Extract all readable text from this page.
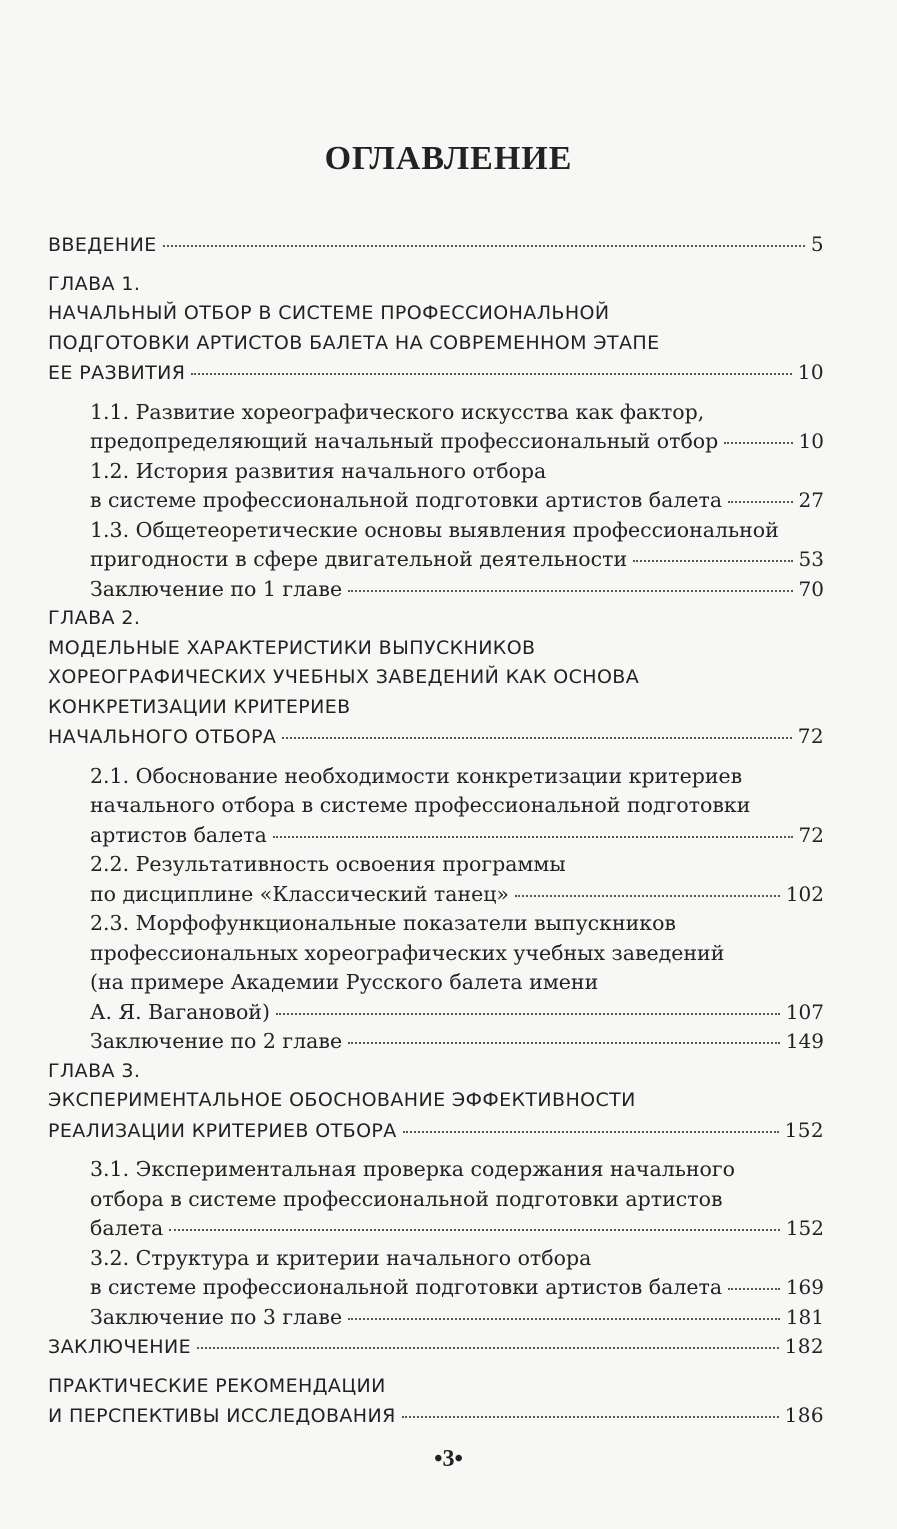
ОГЛАВЛЕНИЕ
ВВЕДЕНИЕ	5
ГЛАВА 1.
НАЧАЛЬНЫЙ ОТБОР В СИСТЕМЕ ПРОФЕССИОНАЛЬНОЙ
ПОДГОТОВКИ АРТИСТОВ БАЛЕТА НА СОВРЕМЕННОМ ЭТАПЕ
ЕЕ РАЗВИТИЯ	10
1.1. Развитие хореографического искусства как фактор,
предопределяющий начальный профессиональный отбор	10
1.2. История развития начального отбора
в системе профессиональной подготовки артистов балета	27
1.3. Общетеоретические основы выявления профессиональной
пригодности в сфере двигательной деятельности	53
Заключение по 1 главе	70
ГЛАВА 2.
МОДЕЛЬНЫЕ ХАРАКТЕРИСТИКИ ВЫПУСКНИКОВ
ХОРЕОГРАФИЧЕСКИХ УЧЕБНЫХ ЗАВЕДЕНИЙ КАК ОСНОВА
КОНКРЕТИЗАЦИИ КРИТЕРИЕВ
НАЧАЛЬНОГО ОТБОРА	72
2.1. Обоснование необходимости конкретизации критериев
начального отбора в системе профессиональной подготовки
артистов балета	72
2.2. Результативность освоения программы
по дисциплине «Классический танец»	102
2.3. Морфофункциональные показатели выпускников
профессиональных хореографических учебных заведений
(на примере Академии Русского балета имени
А. Я. Вагановой)	107
Заключение по 2 главе	149
ГЛАВА 3.
ЭКСПЕРИМЕНТАЛЬНОЕ ОБОСНОВАНИЕ ЭФФЕКТИВНОСТИ
РЕАЛИЗАЦИИ КРИТЕРИЕВ ОТБОРА	152
3.1. Экспериментальная проверка содержания начального
отбора в системе профессиональной подготовки артистов
балета	152
3.2. Структура и критерии начального отбора
в системе профессиональной подготовки артистов балета	169
Заключение по 3 главе	181
ЗАКЛЮЧЕНИЕ	182
ПРАКТИЧЕСКИЕ РЕКОМЕНДАЦИИ
И ПЕРСПЕКТИВЫ ИССЛЕДОВАНИЯ	186
•3•
